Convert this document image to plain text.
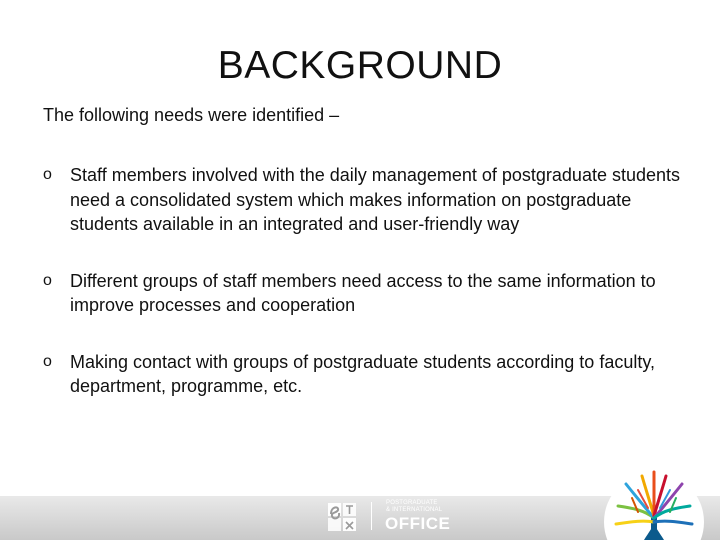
BACKGROUND

The following needs were identified –

o Staff members involved with the daily management of postgraduate students need a consolidated system which makes information on postgraduate students available in an integrated and user-friendly way
o Different groups of staff members need access to the same information to improve processes and cooperation
o Making contact with groups of postgraduate students according to faculty, department, programme, etc.
POSTGRADUATE
& INTERNATIONAL
OFFICE
